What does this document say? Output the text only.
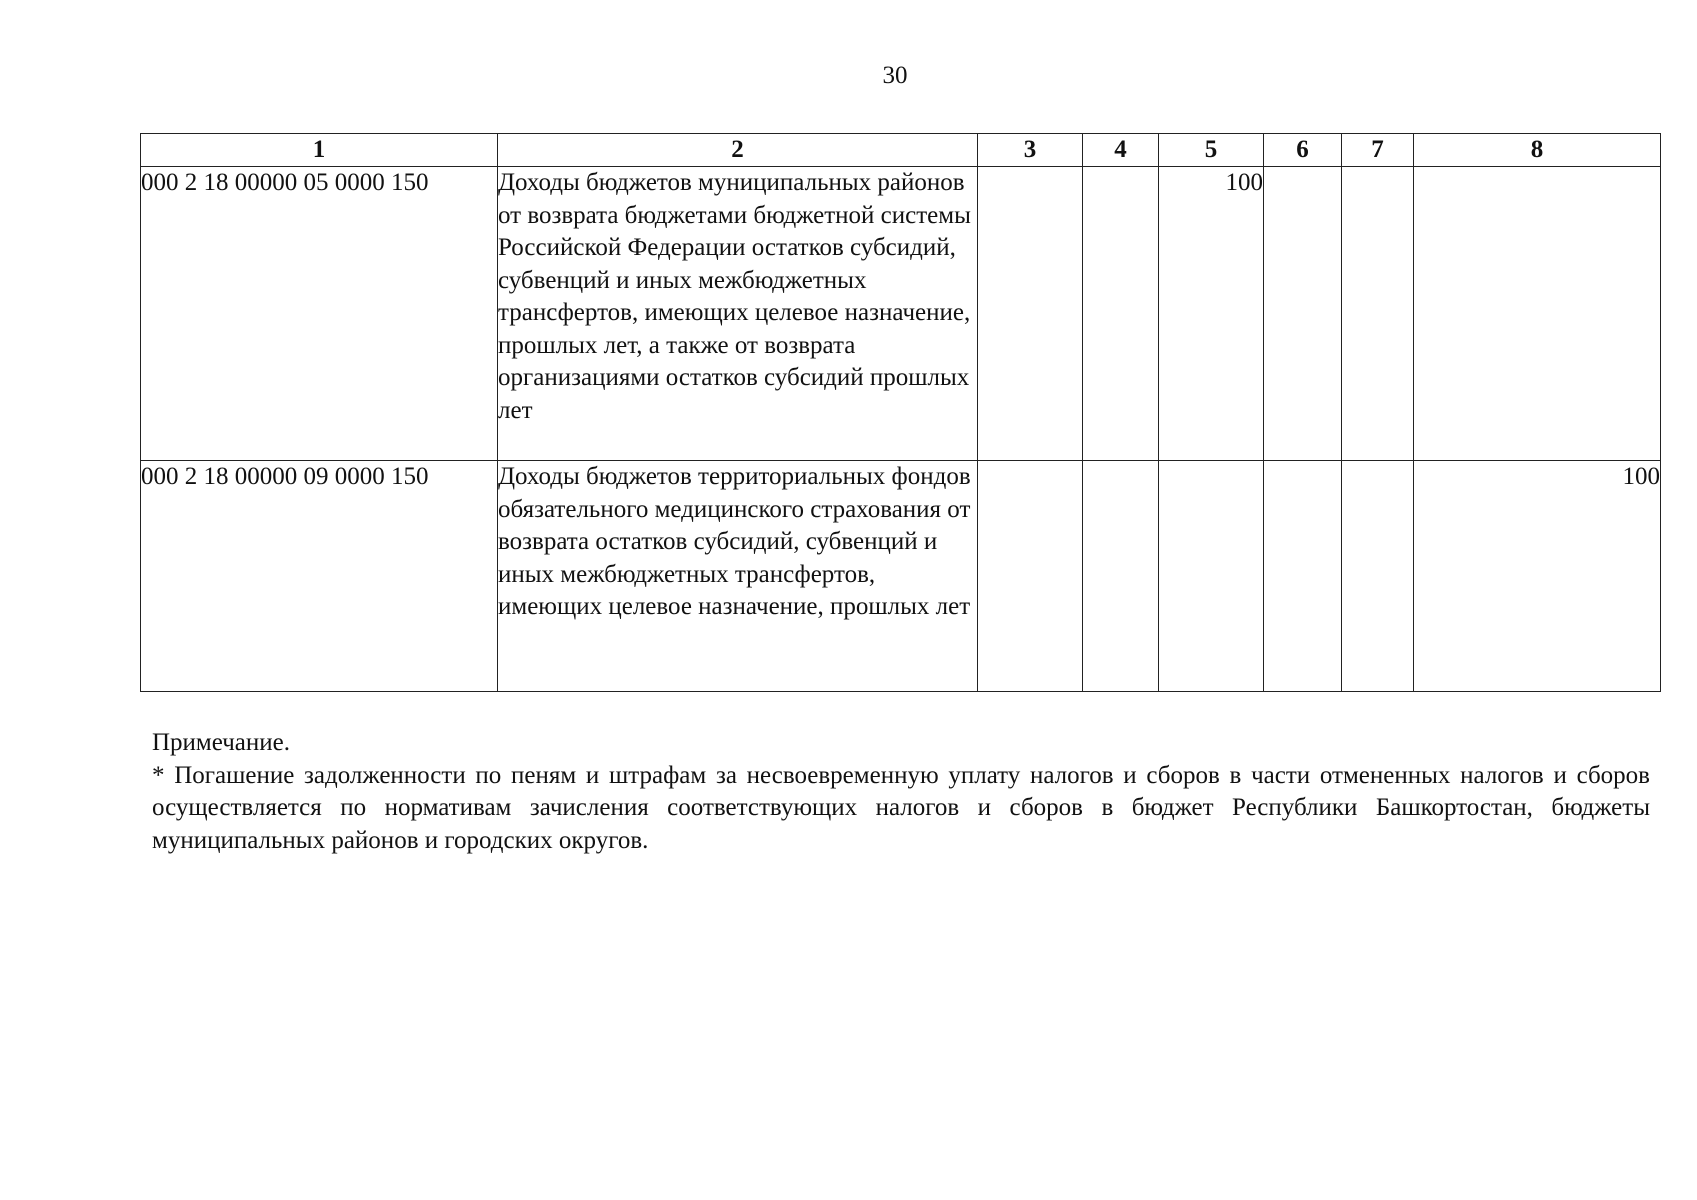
30
1	2	3	4	5	6	7	8
000 2 18 00000 05 0000 150	Доходы бюджетов муниципальных районов от возврата бюджетами бюджетной системы Российской Федерации остатков субсидий, субвенций и иных межбюджетных трансфертов, имеющих целевое назначение, прошлых лет, а также от возврата организациями остатков субсидий прошлых лет			100			
000 2 18 00000 09 0000 150	Доходы бюджетов территориальных фондов обязательного медицинского страхования от возврата остатков субсидий, субвенций и иных межбюджетных трансфертов, имеющих целевое назначение, прошлых лет						100
Примечание.

* Погашение задолженности по пеням и штрафам за несвоевременную уплату налогов и сборов в части отмененных налогов и сборов осуществляется по нормативам зачисления соответствующих налогов и сборов в бюджет Республики Башкортостан, бюджеты муниципальных районов и городских округов.
